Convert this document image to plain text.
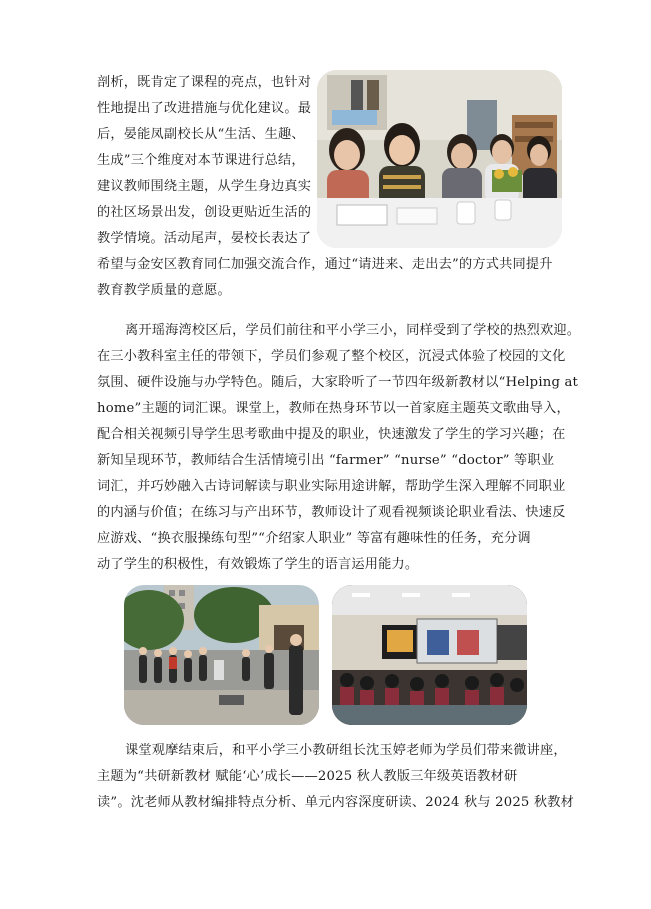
剖析，既肯定了课程的亮点，也针对
性地提出了改进措施与优化建议。最
后，晏能凤副校长从“生活、生趣、
生成”三个维度对本节课进行总结，
建议教师围绕主题，从学生身边真实
的社区场景出发，创设更贴近生活的
教学情境。活动尾声，晏校长表达了
希望与金安区教育同仁加强交流合作，通过“请进来、走出去”的方式共同提升
教育教学质量的意愿。
离开瑶海湾校区后，学员们前往和平小学三小，同样受到了学校的热烈欢迎。
在三小教科室主任的带领下，学员们参观了整个校区，沉浸式体验了校园的文化
氛围、硬件设施与办学特色。随后，大家聆听了一节四年级新教材以“Helping at
home”主题的词汇课。课堂上，教师在热身环节以一首家庭主题英文歌曲导入，
配合相关视频引导学生思考歌曲中提及的职业，快速激发了学生的学习兴趣；在
新知呈现环节，教师结合生活情境引出 “farmer” “nurse” “doctor” 等职业
词汇，并巧妙融入古诗词解读与职业实际用途讲解，帮助学生深入理解不同职业
的内涵与价值；在练习与产出环节，教师设计了观看视频谈论职业看法、快速反
应游戏、“换衣服操练句型”“介绍家人职业” 等富有趣味性的任务，充分调
动了学生的积极性，有效锻炼了学生的语言运用能力。
课堂观摩结束后，和平小学三小教研组长沈玉婷老师为学员们带来微讲座，
主题为“共研新教材 赋能‘心’成长——2025 秋人教版三年级英语教材研
读”。沈老师从教材编排特点分析、单元内容深度研读、2024 秋与 2025 秋教材
